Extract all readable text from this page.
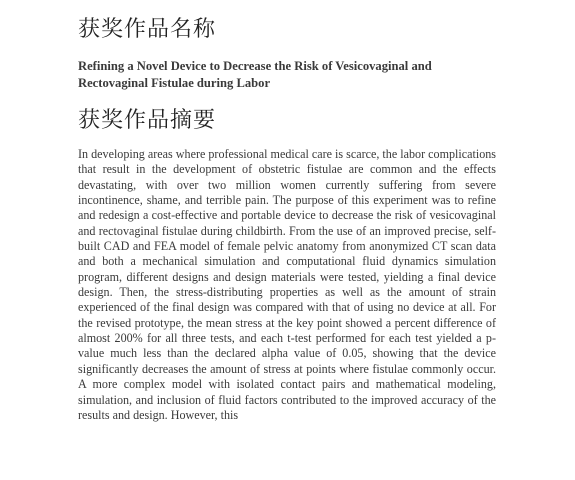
获奖作品名称

Refining a Novel Device to Decrease the Risk of Vesicovaginal and Rectovaginal Fistulae during Labor

获奖作品摘要

In developing areas where professional medical care is scarce, the labor complications that result in the development of obstetric fistulae are common and the effects devastating, with over two million women currently suffering from severe incontinence, shame, and terrible pain. The purpose of this experiment was to refine and redesign a cost-effective and portable device to decrease the risk of vesicovaginal and rectovaginal fistulae during childbirth. From the use of an improved precise, self-built CAD and FEA model of female pelvic anatomy from anonymized CT scan data and both a mechanical simulation and computational fluid dynamics simulation program, different designs and design materials were tested, yielding a final device design. Then, the stress-distributing properties as well as the amount of strain experienced of the final design was compared with that of using no device at all. For the revised prototype, the mean stress at the key point showed a percent difference of almost 200% for all three tests, and each t-test performed for each test yielded a p-value much less than the declared alpha value of 0.05, showing that the device significantly decreases the amount of stress at points where fistulae commonly occur. A more complex model with isolated contact pairs and mathematical modeling, simulation, and inclusion of fluid factors contributed to the improved accuracy of the results and design. However, this
